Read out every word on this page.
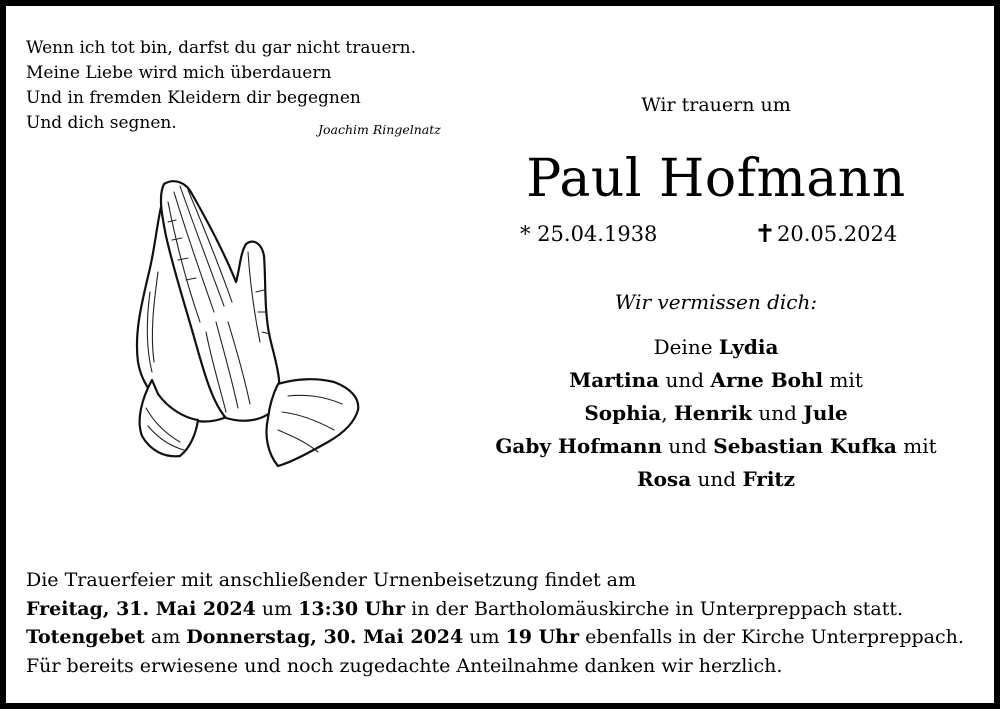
Wenn ich tot bin, darfst du gar nicht trauern.
Meine Liebe wird mich überdauern
Und in fremden Kleidern dir begegnen
Und dich segnen.	Joachim Ringelnatz
Wir trauern um
Paul Hofmann
* 25.04.1938	20.05.2024
Wir vermissen dich:
Deine Lydia
Martina und Arne Bohl mit
Sophia, Henrik und Jule
Gaby Hofmann und Sebastian Kufka mit
Rosa und Fritz
Die Trauerfeier mit anschließender Urnenbeisetzung findet am
Freitag, 31. Mai 2024 um 13:30 Uhr in der Bartholomäuskirche in Unterpreppach statt.
Totengebet am Donnerstag, 30. Mai 2024 um 19 Uhr ebenfalls in der Kirche Unterpreppach.
Für bereits erwiesene und noch zugedachte Anteilnahme danken wir herzlich.
